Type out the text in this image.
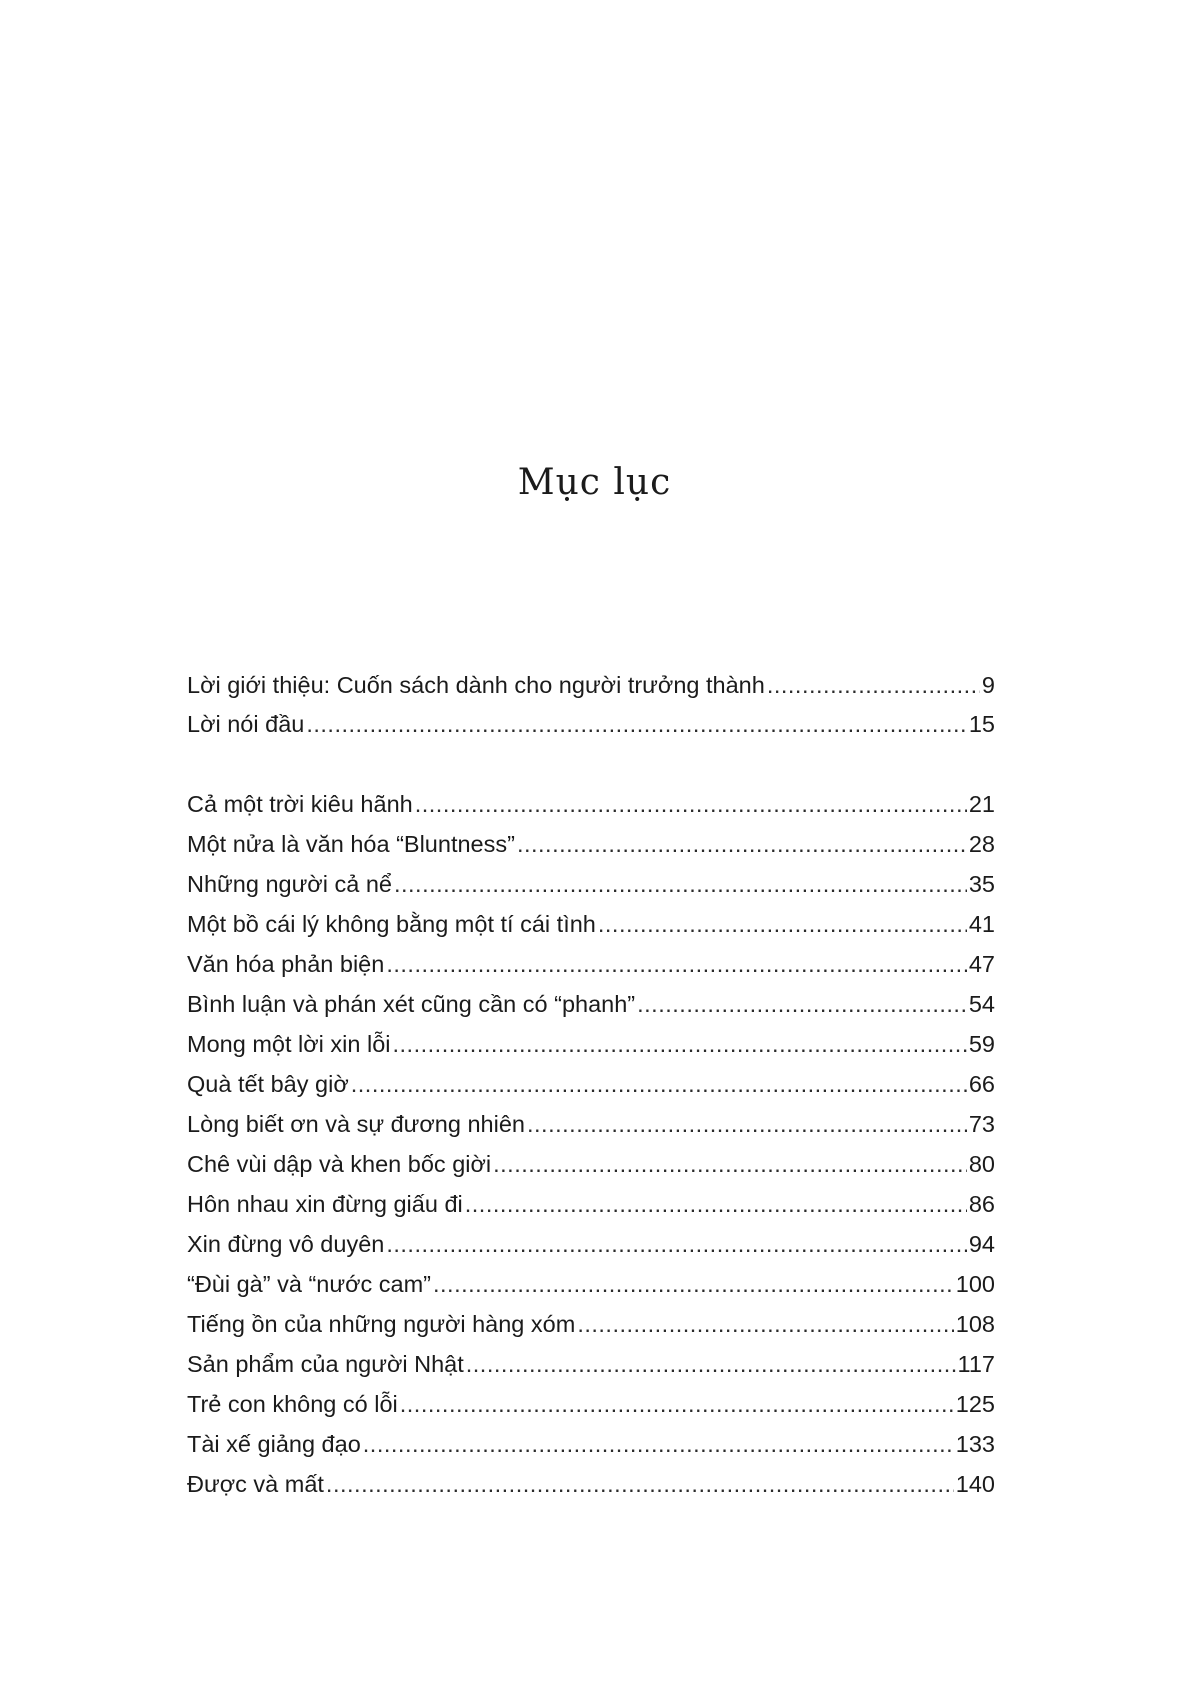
Mục lục
Lời giới thiệu: Cuốn sách dành cho người trưởng thành .....	9
Lời nói đầu .....	15
Cả một trời kiêu hãnh .....	21
Một nửa là văn hóa “Bluntness” .....	28
Những người cả nể .....	35
Một bồ cái lý không bằng một tí cái tình .....	41
Văn hóa phản biện .....	47
Bình luận và phán xét cũng cần có “phanh” .....	54
Mong một lời xin lỗi .....	59
Quà tết bây giờ .....	66
Lòng biết ơn và sự đương nhiên .....	73
Chê vùi dập và khen bốc giời .....	80
Hôn nhau xin đừng giấu đi .....	86
Xin đừng vô duyên .....	94
“Đùi gà” và “nước cam” .....	100
Tiếng ồn của những người hàng xóm .....	108
Sản phẩm của người Nhật .....	117
Trẻ con không có lỗi .....	125
Tài xế giảng đạo .....	133
Được và mất .....	140
